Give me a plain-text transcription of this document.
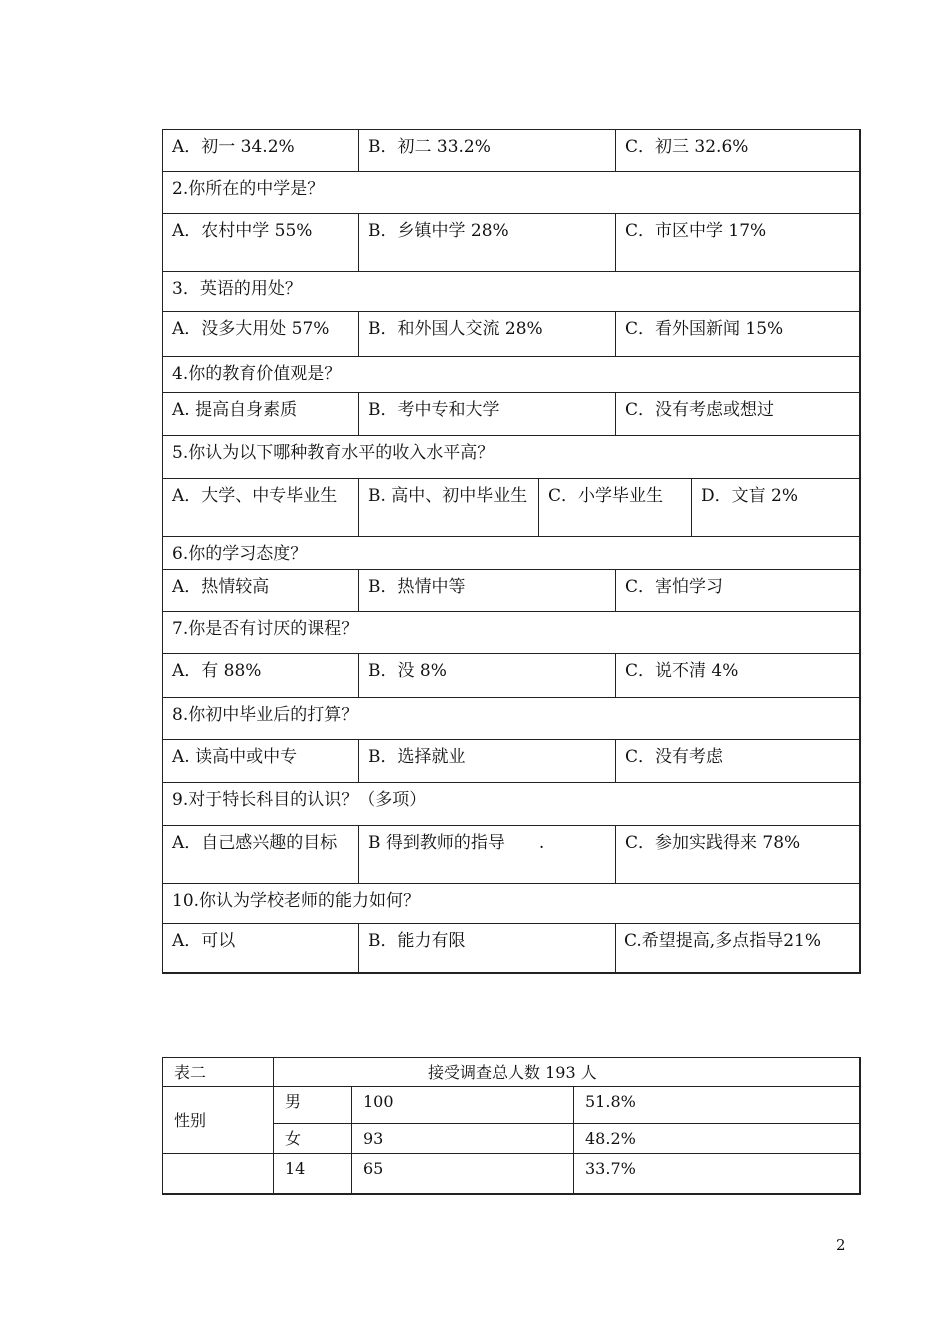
A．初一 34.2%	B．初二 33.2%		C．初三 32.6%	
2.你所在的中学是？				
A．农村中学 55%	B．乡镇中学 28%		C．市区中学 17%	
3．英语的用处？				
A．没多大用处 57%	B．和外国人交流 28%		C．看外国新闻 15%	
4.你的教育价值观是？				
A. 提高自身素质	B．考中专和大学		C．没有考虑或想过	
5.你认为以下哪种教育水平的收入水平高？				
A．大学、中专毕业生	B. 高中、初中毕业生	C．小学毕业生		D．文盲 2%
6.你的学习态度？				
A．热情较高	B．热情中等		C．害怕学习	
7.你是否有讨厌的课程？				
A．有 88%	B．没 8%		C．说不清 4%	
8.你初中毕业后的打算？				
A. 读高中或中专	B．选择就业		C．没有考虑	
9.对于特长科目的认识？（多项）				
A．自己感兴趣的目标	B 得到教师的指导　　.		C．参加实践得来 78%	
10.你认为学校老师的能力如何？				
A．可以	B．能力有限		C.希望提高,多点指导21%	
表二	接受调查总人数 193 人		
性别	男	100	51.8%
	女	93	48.2%
	14	65	33.7%
2
